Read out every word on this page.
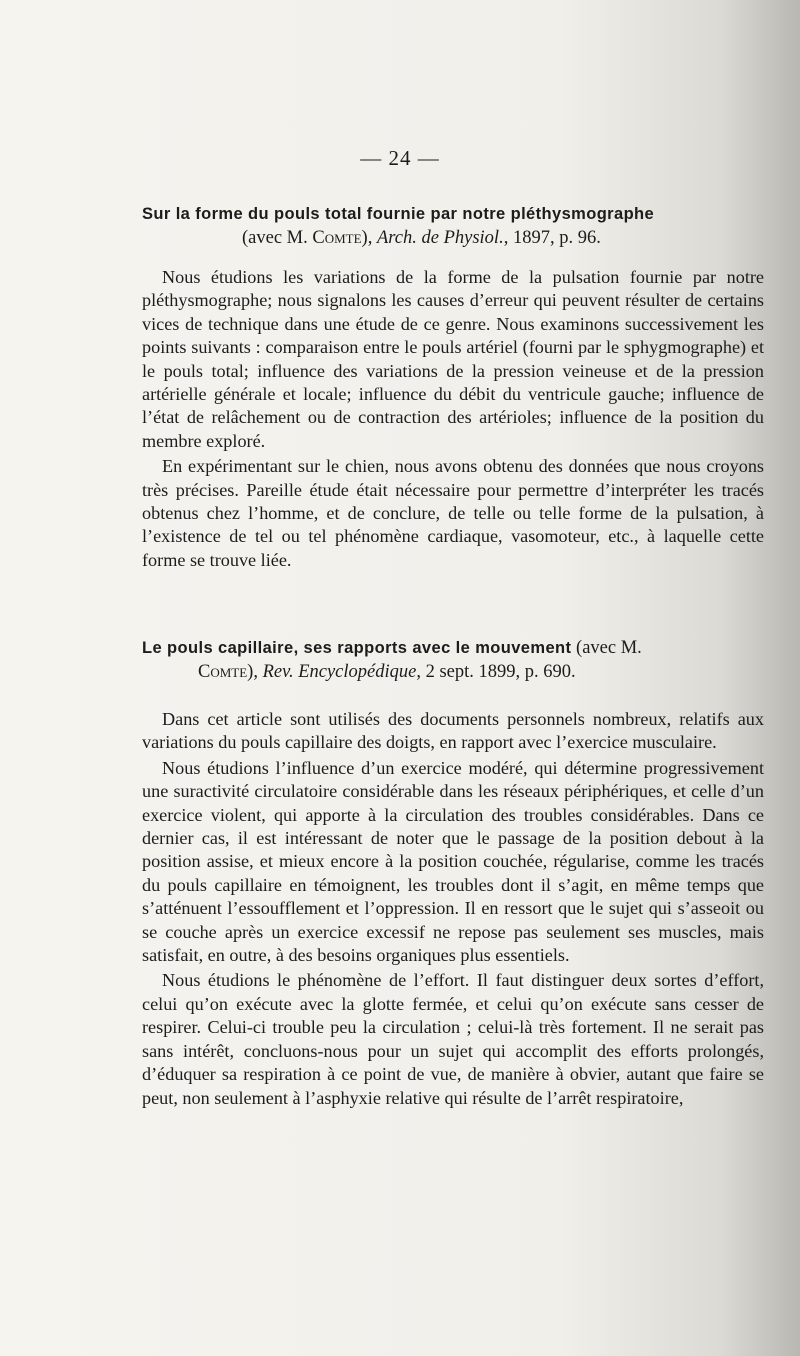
— 24 —
Sur la forme du pouls total fournie par notre pléthysmographe
(avec M. Comte), Arch. de Physiol., 1897, p. 96.

Nous étudions les variations de la forme de la pulsation fournie par notre pléthysmographe; nous signalons les causes d’erreur qui peuvent résulter de certains vices de technique dans une étude de ce genre. Nous examinons successivement les points suivants : comparaison entre le pouls artériel (fourni par le sphygmographe) et le pouls total; influence des variations de la pression veineuse et de la pression artérielle générale et locale; influence du débit du ventricule gauche; influence de l’état de relâchement ou de contraction des artérioles; influence de la position du membre exploré.

En expérimentant sur le chien, nous avons obtenu des données que nous croyons très précises. Pareille étude était nécessaire pour permettre d’interpréter les tracés obtenus chez l’homme, et de conclure, de telle ou telle forme de la pulsation, à l’existence de tel ou tel phénomène cardiaque, vasomoteur, etc., à laquelle cette forme se trouve liée.

Le pouls capillaire, ses rapports avec le mouvement (avec M.
Comte), Rev. Encyclopédique, 2 sept. 1899, p. 690.

Dans cet article sont utilisés des documents personnels nombreux, relatifs aux variations du pouls capillaire des doigts, en rapport avec l’exercice musculaire.

Nous étudions l’influence d’un exercice modéré, qui détermine progressivement une suractivité circulatoire considérable dans les réseaux périphériques, et celle d’un exercice violent, qui apporte à la circulation des troubles considérables. Dans ce dernier cas, il est intéressant de noter que le passage de la position debout à la position assise, et mieux encore à la position couchée, régularise, comme les tracés du pouls capillaire en témoignent, les troubles dont il s’agit, en même temps que s’atténuent l’essoufflement et l’oppression. Il en ressort que le sujet qui s’asseoit ou se couche après un exercice excessif ne repose pas seulement ses muscles, mais satisfait, en outre, à des besoins organiques plus essentiels.

Nous étudions le phénomène de l’effort. Il faut distinguer deux sortes d’effort, celui qu’on exécute avec la glotte fermée, et celui qu’on exécute sans cesser de respirer. Celui-ci trouble peu la circulation ; celui-là très fortement. Il ne serait pas sans intérêt, concluons-nous pour un sujet qui accomplit des efforts prolongés, d’éduquer sa respiration à ce point de vue, de manière à obvier, autant que faire se peut, non seulement à l’asphyxie relative qui résulte de l’arrêt respiratoire,
